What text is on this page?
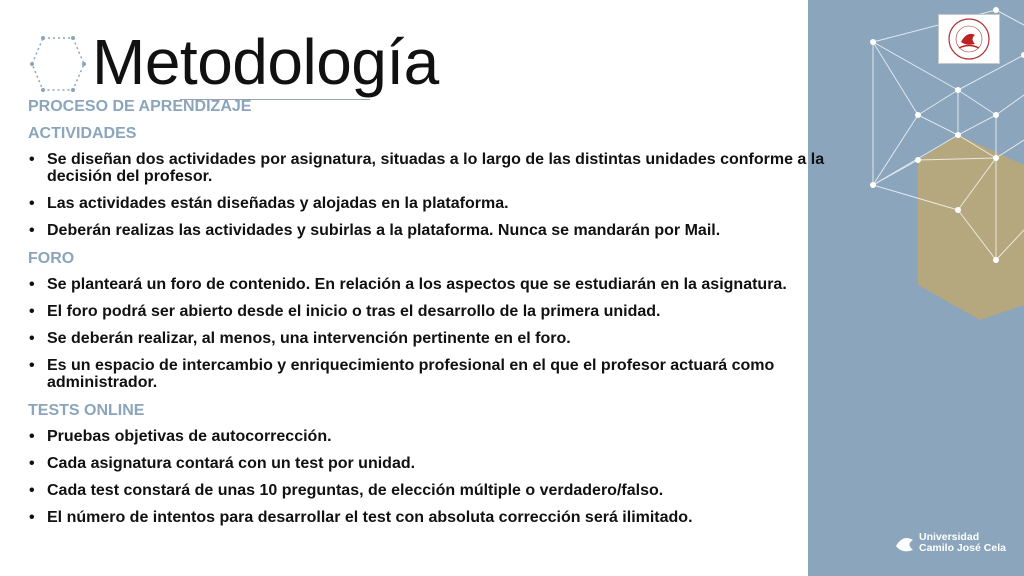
Metodología
PROCESO DE APRENDIZAJE
ACTIVIDADES
• Se diseñan dos actividades por asignatura, situadas a lo largo de las distintas unidades conforme a la decisión del profesor.
• Las actividades están diseñadas y alojadas en la plataforma.
• Deberán realizas las actividades y subirlas a la plataforma. Nunca se mandarán por Mail.
FORO
• Se planteará un foro de contenido. En relación a los aspectos que se estudiarán en la asignatura.
• El foro podrá ser abierto desde el inicio o tras el desarrollo de la primera unidad.
• Se deberán realizar, al menos, una intervención pertinente en el foro.
• Es un espacio de intercambio y enriquecimiento profesional en el que el profesor actuará como administrador.
TESTS ONLINE
• Pruebas objetivas de autocorrección.
• Cada asignatura contará con un test por unidad.
• Cada test constará de unas 10 preguntas, de elección múltiple o verdadero/falso.
• El número de intentos para desarrollar el test con absoluta corrección será ilimitado.
Universidad
Camilo José Cela
